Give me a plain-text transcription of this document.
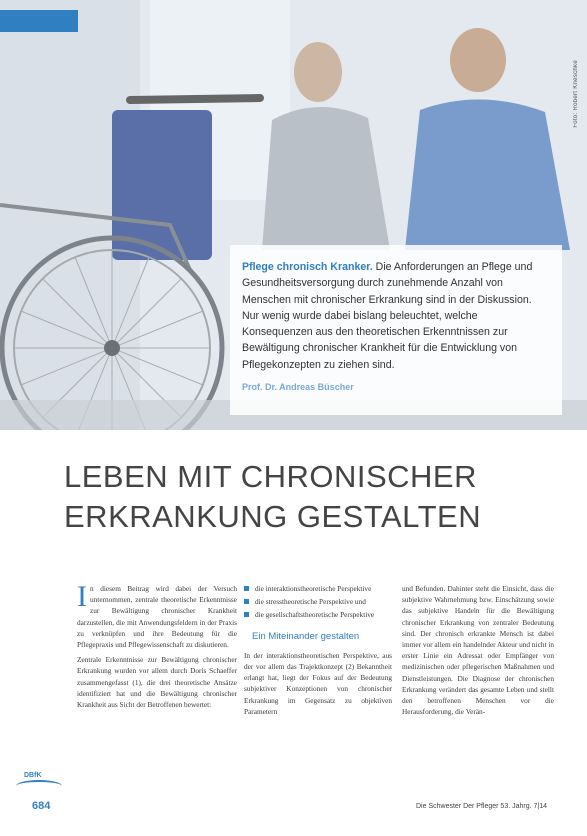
Foto: Robert Kneschke
Pflege chronisch Kranker. Die Anforderungen an Pflege und Gesundheitsversorgung durch zunehmende Anzahl von Menschen mit chronischer Erkrankung sind in der Diskussion. Nur wenig wurde dabei bislang beleuchtet, welche Konsequenzen aus den theoretischen Erkenntnissen zur Bewältigung chronischer Krankheit für die Entwicklung von Pflegekonzepten zu ziehen sind.
Prof. Dr. Andreas Büscher
LEBEN MIT CHRONISCHER
ERKRANKUNG GESTALTEN

In diesem Beitrag wird dabei der Versuch unternommen, zentrale theoretische Erkenntnisse zur Bewältigung chronischer Krankheit darzustellen, die mit Anwendungsfeldern in der Praxis zu verknüpfen und ihre Bedeutung für die Pflegepraxis und Pflegewissenschaft zu diskutieren.

Zentrale Erkenntnisse zur Bewältigung chronischer Erkrankung wurden vor allem durch Doris Schaeffer zusammengefasst (1), die drei theoretische Ansätze identifiziert hat und die Bewältigung chronischer Krankheit aus Sicht der Betroffenen bewertet:

die interaktionstheoretische Perspektive
die stresstheoretische Perspektive und
die gesellschaftstheoretische Perspektive
Ein Miteinander gestalten

In der interaktionstheoretischen Perspektive, aus der vor allem das Trajektkonzept (2) Bekanntheit erlangt hat, liegt der Fokus auf der Bedeutung subjektiver Konzeptionen von chronischer Erkrankung im Gegensatz zu objektiven Parametern

und Befunden. Dahinter steht die Einsicht, dass die subjektive Wahrnehmung bzw. Einschätzung sowie das subjektive Handeln für die Bewältigung chronischer Erkrankung von zentraler Bedeutung sind. Der chronisch erkrankte Mensch ist dabei immer vor allem ein handelnder Akteur und nicht in erster Linie ein Adressat oder Empfänger von medizinischen oder pflegerischen Maßnahmen und Dienstleistungen. Die Diagnose der chronischen Erkrankung verändert das gesamte Leben und stellt den betroffenen Menschen vor die Herausforderung, die Verän-

DBfK
684	Die Schwester Der Pfleger 53. Jahrg. 7|14
